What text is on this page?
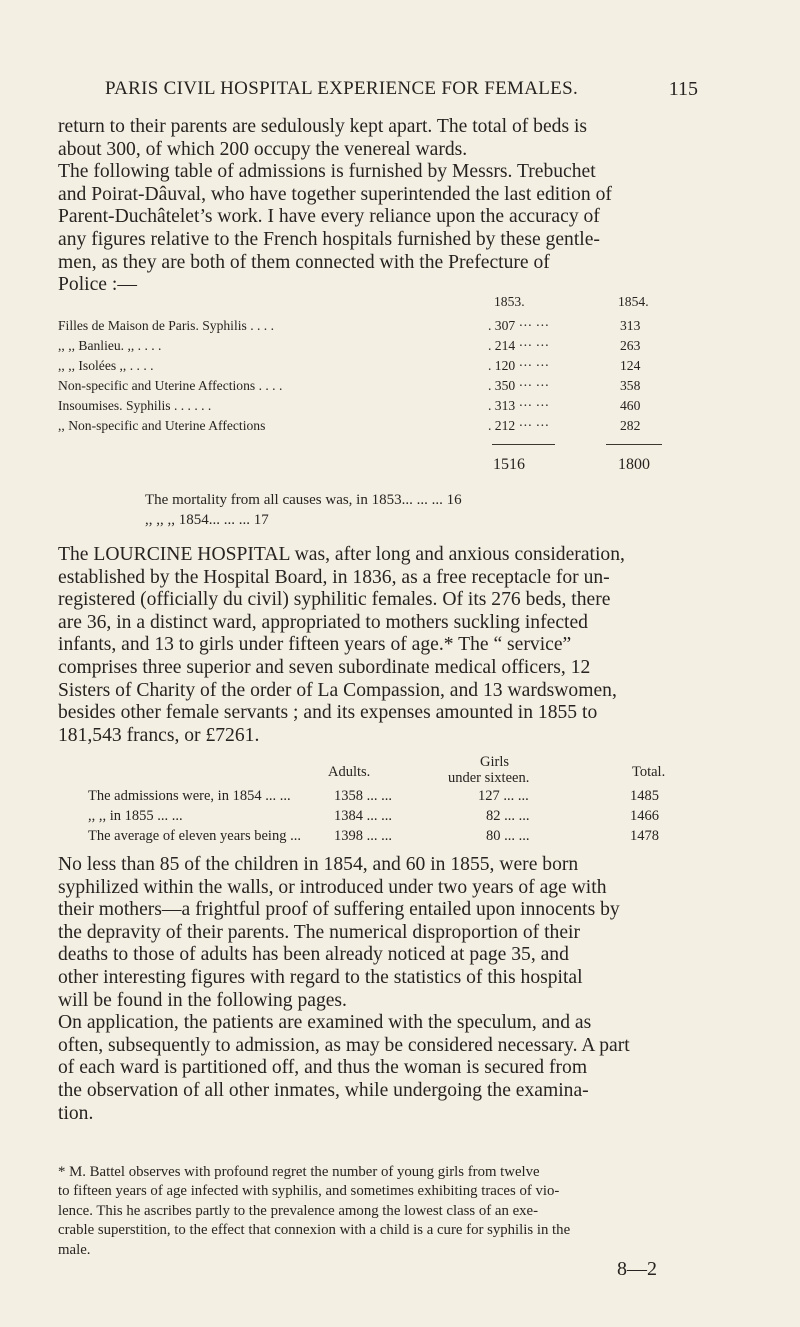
PARIS CIVIL HOSPITAL EXPERIENCE FOR FEMALES.	115
return to their parents are sedulously kept apart. The total of beds is
about 300, of which 200 occupy the venereal wards.
The following table of admissions is furnished by Messrs. Trebuchet
and Poirat-Dâuval, who have together superintended the last edition of
Parent-Duchâtelet’s work. I have every reliance upon the accuracy of
any figures relative to the French hospitals furnished by these gentle-
men, as they are both of them connected with the Prefecture of
Police :—
1853.	1854.
Filles de Maison de Paris. Syphilis . . . .	. 307 ··· ···	313
,, ,, Banlieu. ,, . . . .	. 214 ··· ···	263
,, ,, Isolées ,, . . . .	. 120 ··· ···	124
Non-specific and Uterine Affections . . . .	. 350 ··· ···	358
Insoumises. Syphilis . . . . . .	. 313 ··· ···	460
,, Non-specific and Uterine Affections	. 212 ··· ···	282
1516	1800
The mortality from all causes was, in 1853... ... ... 16
,, ,, ,, 1854... ... ... 17
The LOURCINE HOSPITAL was, after long and anxious consideration,
established by the Hospital Board, in 1836, as a free receptacle for un-
registered (officially du civil) syphilitic females. Of its 276 beds, there
are 36, in a distinct ward, appropriated to mothers suckling infected
infants, and 13 to girls under fifteen years of age.* The “ service”
comprises three superior and seven subordinate medical officers, 12
Sisters of Charity of the order of La Compassion, and 13 wardswomen,
besides other female servants ; and its expenses amounted in 1855 to
181,543 francs, or £7261.
Adults.
Girls
under sixteen.	Total.
The admissions were, in 1854 ... ...	1358 ... ...	127 ... ...	1485
,, ,, in 1855 ... ...	1384 ... ...	82 ... ...	1466
The average of eleven years being ... 1398 ... ...	80 ... ...	1478
No less than 85 of the children in 1854, and 60 in 1855, were born
syphilized within the walls, or introduced under two years of age with
their mothers—a frightful proof of suffering entailed upon innocents by
the depravity of their parents. The numerical disproportion of their
deaths to those of adults has been already noticed at page 35, and
other interesting figures with regard to the statistics of this hospital
will be found in the following pages.
On application, the patients are examined with the speculum, and as
often, subsequently to admission, as may be considered necessary. A part
of each ward is partitioned off, and thus the woman is secured from
the observation of all other inmates, while undergoing the examina-
tion.
* M. Battel observes with profound regret the number of young girls from twelve
to fifteen years of age infected with syphilis, and sometimes exhibiting traces of vio-
lence. This he ascribes partly to the prevalence among the lowest class of an exe-
crable superstition, to the effect that connexion with a child is a cure for syphilis in the
male.
8—2
